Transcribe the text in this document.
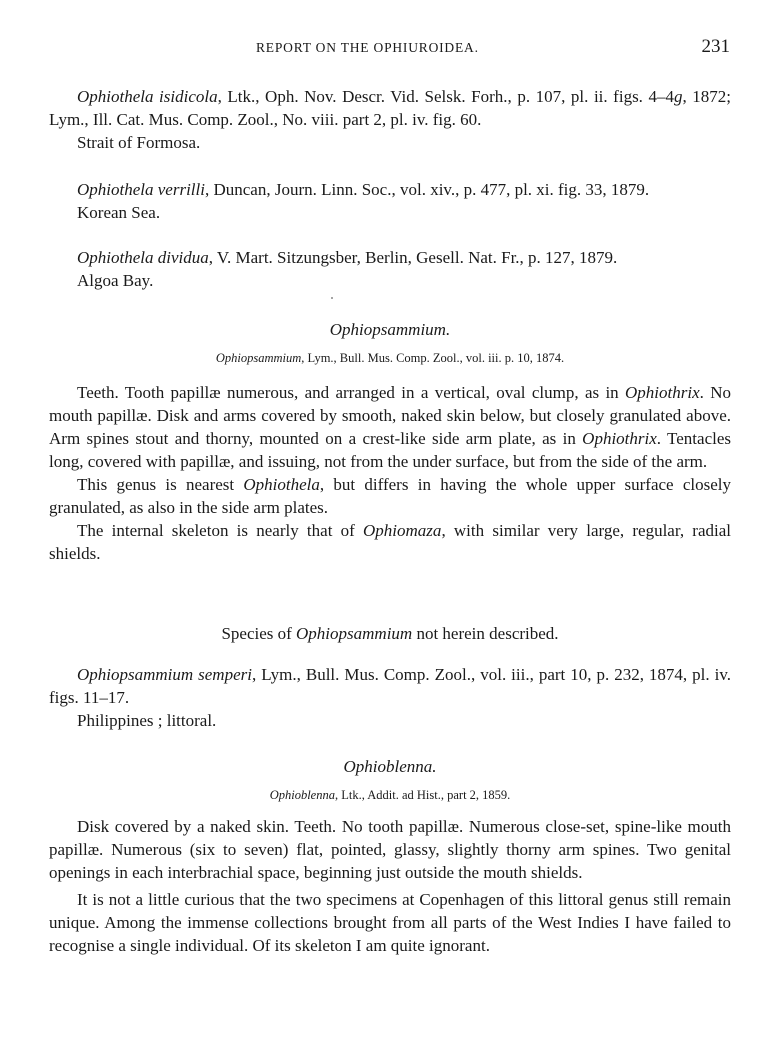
REPORT ON THE OPHIUROIDEA.	231

Ophiothela isidicola, Ltk., Oph. Nov. Descr. Vid. Selsk. Forh., p. 107, pl. ii. figs. 4–4g, 1872; Lym., Ill. Cat. Mus. Comp. Zool., No. viii. part 2, pl. iv. fig. 60.

Strait of Formosa.

Ophiothela verrilli, Duncan, Journ. Linn. Soc., vol. xiv., p. 477, pl. xi. fig. 33, 1879.

Korean Sea.

Ophiothela dividua, V. Mart. Sitzungsber, Berlin, Gesell. Nat. Fr., p. 127, 1879.

Algoa Bay.
Ophiopsammium.
Ophiopsammium, Lym., Bull. Mus. Comp. Zool., vol. iii. p. 10, 1874.

Teeth. Tooth papillæ numerous, and arranged in a vertical, oval clump, as in Ophiothrix. No mouth papillæ. Disk and arms covered by smooth, naked skin below, but closely granulated above. Arm spines stout and thorny, mounted on a crest-like side arm plate, as in Ophiothrix. Tentacles long, covered with papillæ, and issuing, not from the under surface, but from the side of the arm.

This genus is nearest Ophiothela, but differs in having the whole upper surface closely granulated, as also in the side arm plates.

The internal skeleton is nearly that of Ophiomaza, with similar very large, regular, radial shields.

Species of Ophiopsammium not herein described.

Ophiopsammium semperi, Lym., Bull. Mus. Comp. Zool., vol. iii., part 10, p. 232, 1874, pl. iv. figs. 11–17.

Philippines ; littoral.
Ophioblenna.
Ophioblenna, Ltk., Addit. ad Hist., part 2, 1859.

Disk covered by a naked skin. Teeth. No tooth papillæ. Numerous close-set, spine-like mouth papillæ. Numerous (six to seven) flat, pointed, glassy, slightly thorny arm spines. Two genital openings in each interbrachial space, beginning just outside the mouth shields.

It is not a little curious that the two specimens at Copenhagen of this littoral genus still remain unique. Among the immense collections brought from all parts of the West Indies I have failed to recognise a single individual. Of its skeleton I am quite ignorant.
